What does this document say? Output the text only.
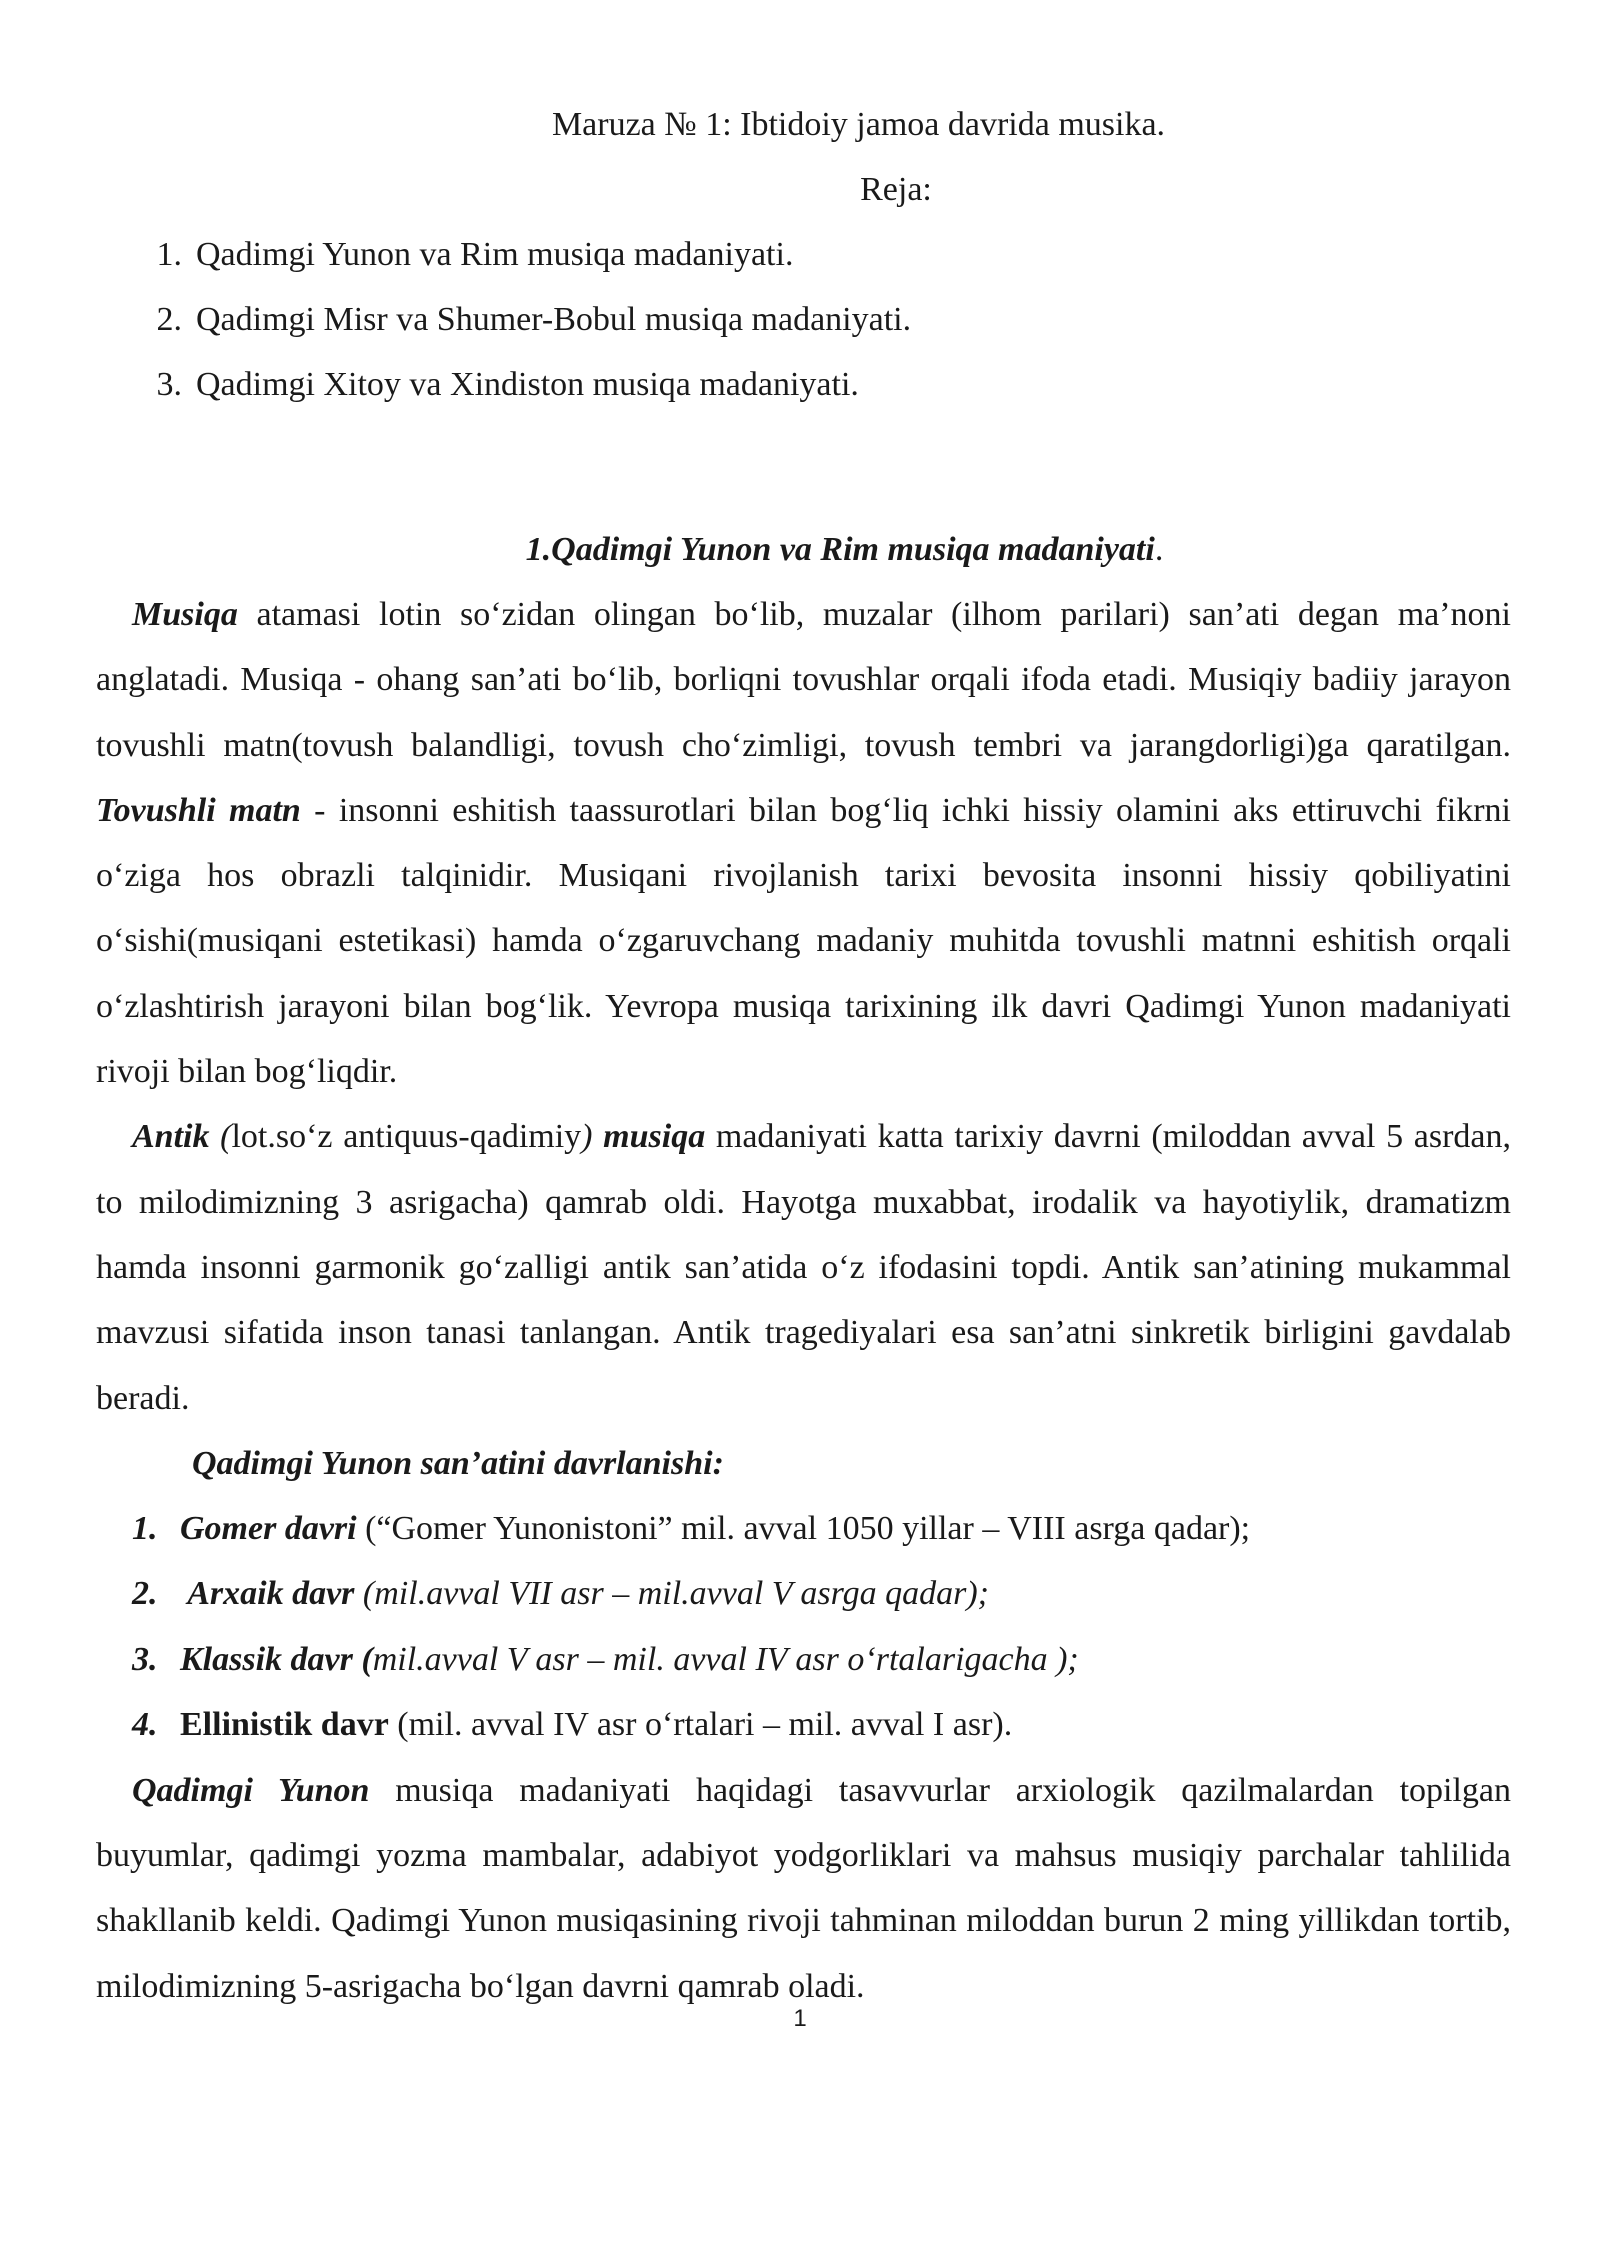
Maruza № 1: Ibtidoiy jamoa davrida musika.
Reja:
1. Qadimgi Yunon va Rim musiqa madaniyati.
2. Qadimgi Misr va Shumer-Bobul musiqa madaniyati.
3. Qadimgi Xitoy va Xindiston musiqa madaniyati.
1.Qadimgi Yunon va Rim musiqa madaniyati.

Musiqa atamasi lotin so‘zidan olingan bo‘lib, muzalar (ilhom parilari) san’ati degan ma’noni anglatadi. Musiqa - ohang san’ati bo‘lib, borliqni tovushlar orqali ifoda etadi. Musiqiy badiiy jarayon tovushli matn(tovush balandligi, tovush cho‘zimligi, tovush tembri va jarangdorligi)ga qaratilgan. Tovushli matn - insonni eshitish taassurotlari bilan bog‘liq ichki hissiy olamini aks ettiruvchi fikrni o‘ziga hos obrazli talqinidir. Musiqani rivojlanish tarixi bevosita insonni hissiy qobiliyatini o‘sishi(musiqani estetikasi) hamda o‘zgaruvchang madaniy muhitda tovushli matnni eshitish orqali o‘zlashtirish jarayoni bilan bog‘lik. Yevropa musiqa tarixining ilk davri Qadimgi Yunon madaniyati rivoji bilan bog‘liqdir.

Antik (lot.so‘z antiquus-qadimiy) musiqa madaniyati katta tarixiy davrni (miloddan avval 5 asrdan, to milodimizning 3 asrigacha) qamrab oldi. Hayotga muxabbat, irodalik va hayotiylik, dramatizm hamda insonni garmonik go‘zalligi antik san’atida o‘z ifodasini topdi. Antik san’atining mukammal mavzusi sifatida inson tanasi tanlangan. Antik tragediyalari esa san’atni sinkretik birligini gavdalab beradi.

Qadimgi Yunon san’atini davrlanishi:
1. Gomer davri (“Gomer Yunonistoni” mil. avval 1050 yillar – VIII asrga qadar);
2. Arxaik davr (mil.avval VII asr – mil.avval V asrga qadar);
3. Klassik davr (mil.avval V asr – mil. avval IV asr o‘rtalarigacha );
4. Ellinistik davr (mil. avval IV asr o‘rtalari – mil. avval I asr).

Qadimgi Yunon musiqa madaniyati haqidagi tasavvurlar arxiologik qazilmalardan topilgan buyumlar, qadimgi yozma mambalar, adabiyot yodgorliklari va mahsus musiqiy parchalar tahlilida shakllanib keldi. Qadimgi Yunon musiqasining rivoji tahminan miloddan burun 2 ming yillikdan tortib, milodimizning 5-asrigacha bo‘lgan davrni qamrab oladi.

1
